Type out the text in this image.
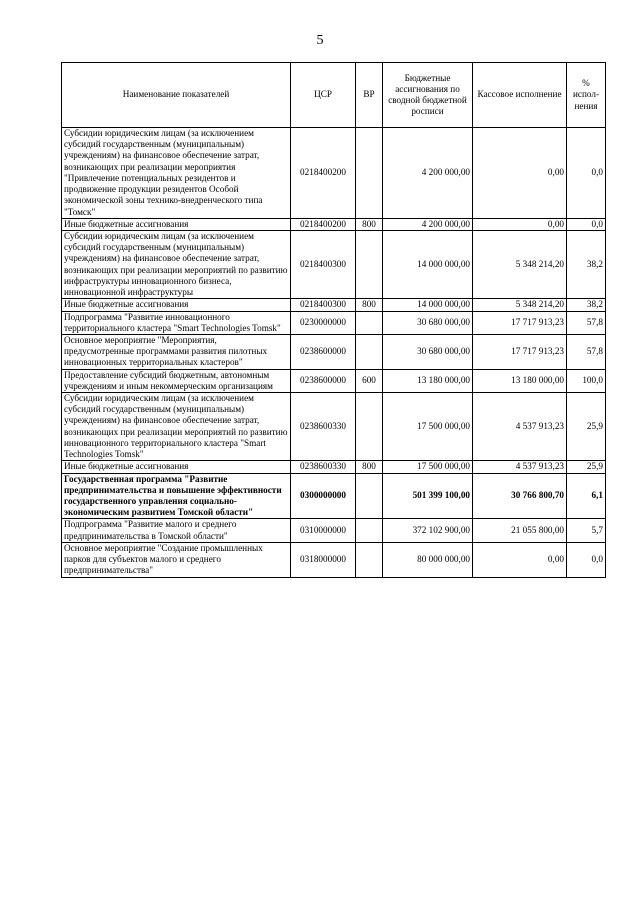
5
Наименование показателей	ЦСР	ВР	Бюджетные ассигнования по сводной бюджетной росписи	Кассовое исполнение	% испол-нения
Субсидии юридическим лицам (за исключением субсидий государственным (муниципальным) учреждениям) на финансовое обеспечение затрат, возникающих при реализации мероприятия "Привлечение потенциальных резидентов и продвижение продукции резидентов Особой экономической зоны технико-внедренческого типа "Томск"	0218400200		4 200 000,00	0,00	0,0
Иные бюджетные ассигнования	0218400200	800	4 200 000,00	0,00	0,0
Субсидии юридическим лицам (за исключением субсидий государственным (муниципальным) учреждениям) на финансовое обеспечение затрат, возникающих при реализации мероприятий по развитию инфраструктуры инновационного бизнеса, инновационной инфраструктуры	0218400300		14 000 000,00	5 348 214,20	38,2
Иные бюджетные ассигнования	0218400300	800	14 000 000,00	5 348 214,20	38,2
Подпрограмма "Развитие инновационного территориального кластера "Smart Technologies Tomsk"	0230000000		30 680 000,00	17 717 913,23	57,8
Основное мероприятие "Мероприятия, предусмотренные программами развития пилотных инновационных территориальных кластеров"	0238600000		30 680 000,00	17 717 913,23	57,8
Предоставление субсидий бюджетным, автономным учреждениям и иным некоммерческим организациям	0238600000	600	13 180 000,00	13 180 000,00	100,0
Субсидии юридическим лицам (за исключением субсидий государственным (муниципальным) учреждениям) на финансовое обеспечение затрат, возникающих при реализации мероприятий по развитию инновационного территориального кластера "Smart Technologies Tomsk"	0238600330		17 500 000,00	4 537 913,23	25,9
Иные бюджетные ассигнования	0238600330	800	17 500 000,00	4 537 913,23	25,9
Государственная программа "Развитие предпринимательства и повышение эффективности государственного управления социально-экономическим развитием Томской области"	0300000000		501 399 100,00	30 766 800,70	6,1
Подпрограмма "Развитие малого и среднего предпринимательства в Томской области"	0310000000		372 102 900,00	21 055 800,00	5,7
Основное мероприятие "Создание промышленных парков для субъектов малого и среднего предпринимательства"	0318000000		80 000 000,00	0,00	0,0
